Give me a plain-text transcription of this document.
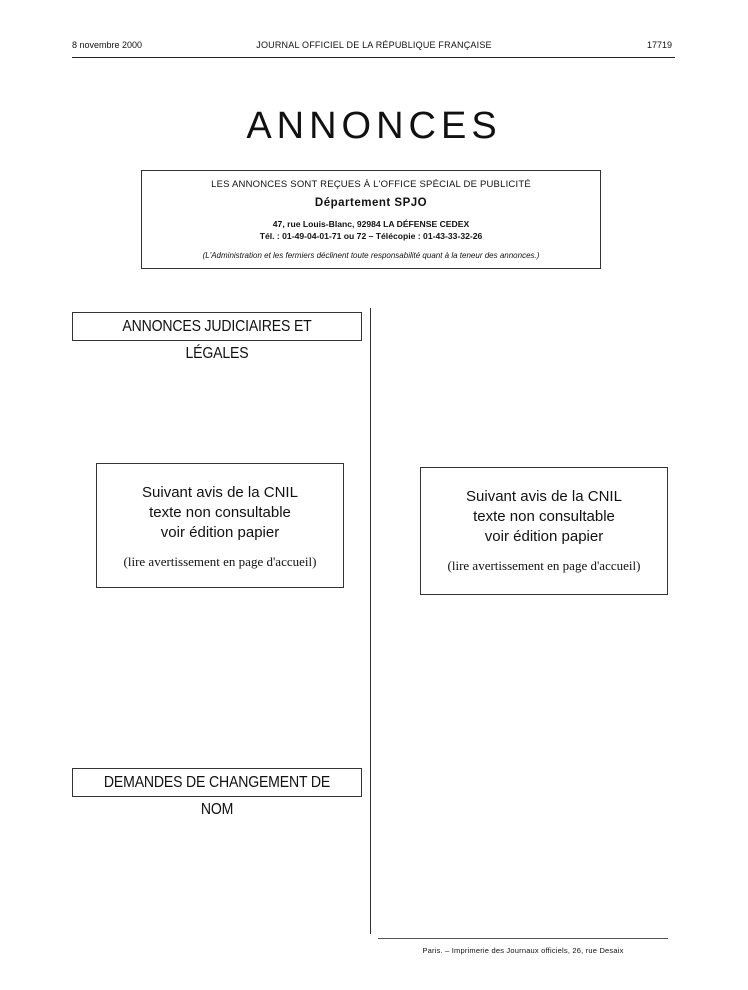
8 novembre 2000	JOURNAL OFFICIEL DE LA RÉPUBLIQUE FRANÇAISE	17719
ANNONCES
LES ANNONCES SONT REÇUES À L'OFFICE SPÉCIAL DE PUBLICITÉ
Département SPJO
47, rue Louis-Blanc, 92984 LA DÉFENSE CEDEX
Tél. : 01-49-04-01-71 ou 72 – Télécopie : 01-43-33-32-26
(L'Administration et les fermiers déclinent toute responsabilité quant à la teneur des annonces.)
ANNONCES JUDICIAIRES ET LÉGALES
Suivant avis de la CNIL
texte non consultable
voir édition papier
(lire avertissement en page d'accueil)
Suivant avis de la CNIL
texte non consultable
voir édition papier
(lire avertissement en page d'accueil)
DEMANDES DE CHANGEMENT DE NOM
Paris. – Imprimerie des Journaux officiels, 26, rue Desaix
